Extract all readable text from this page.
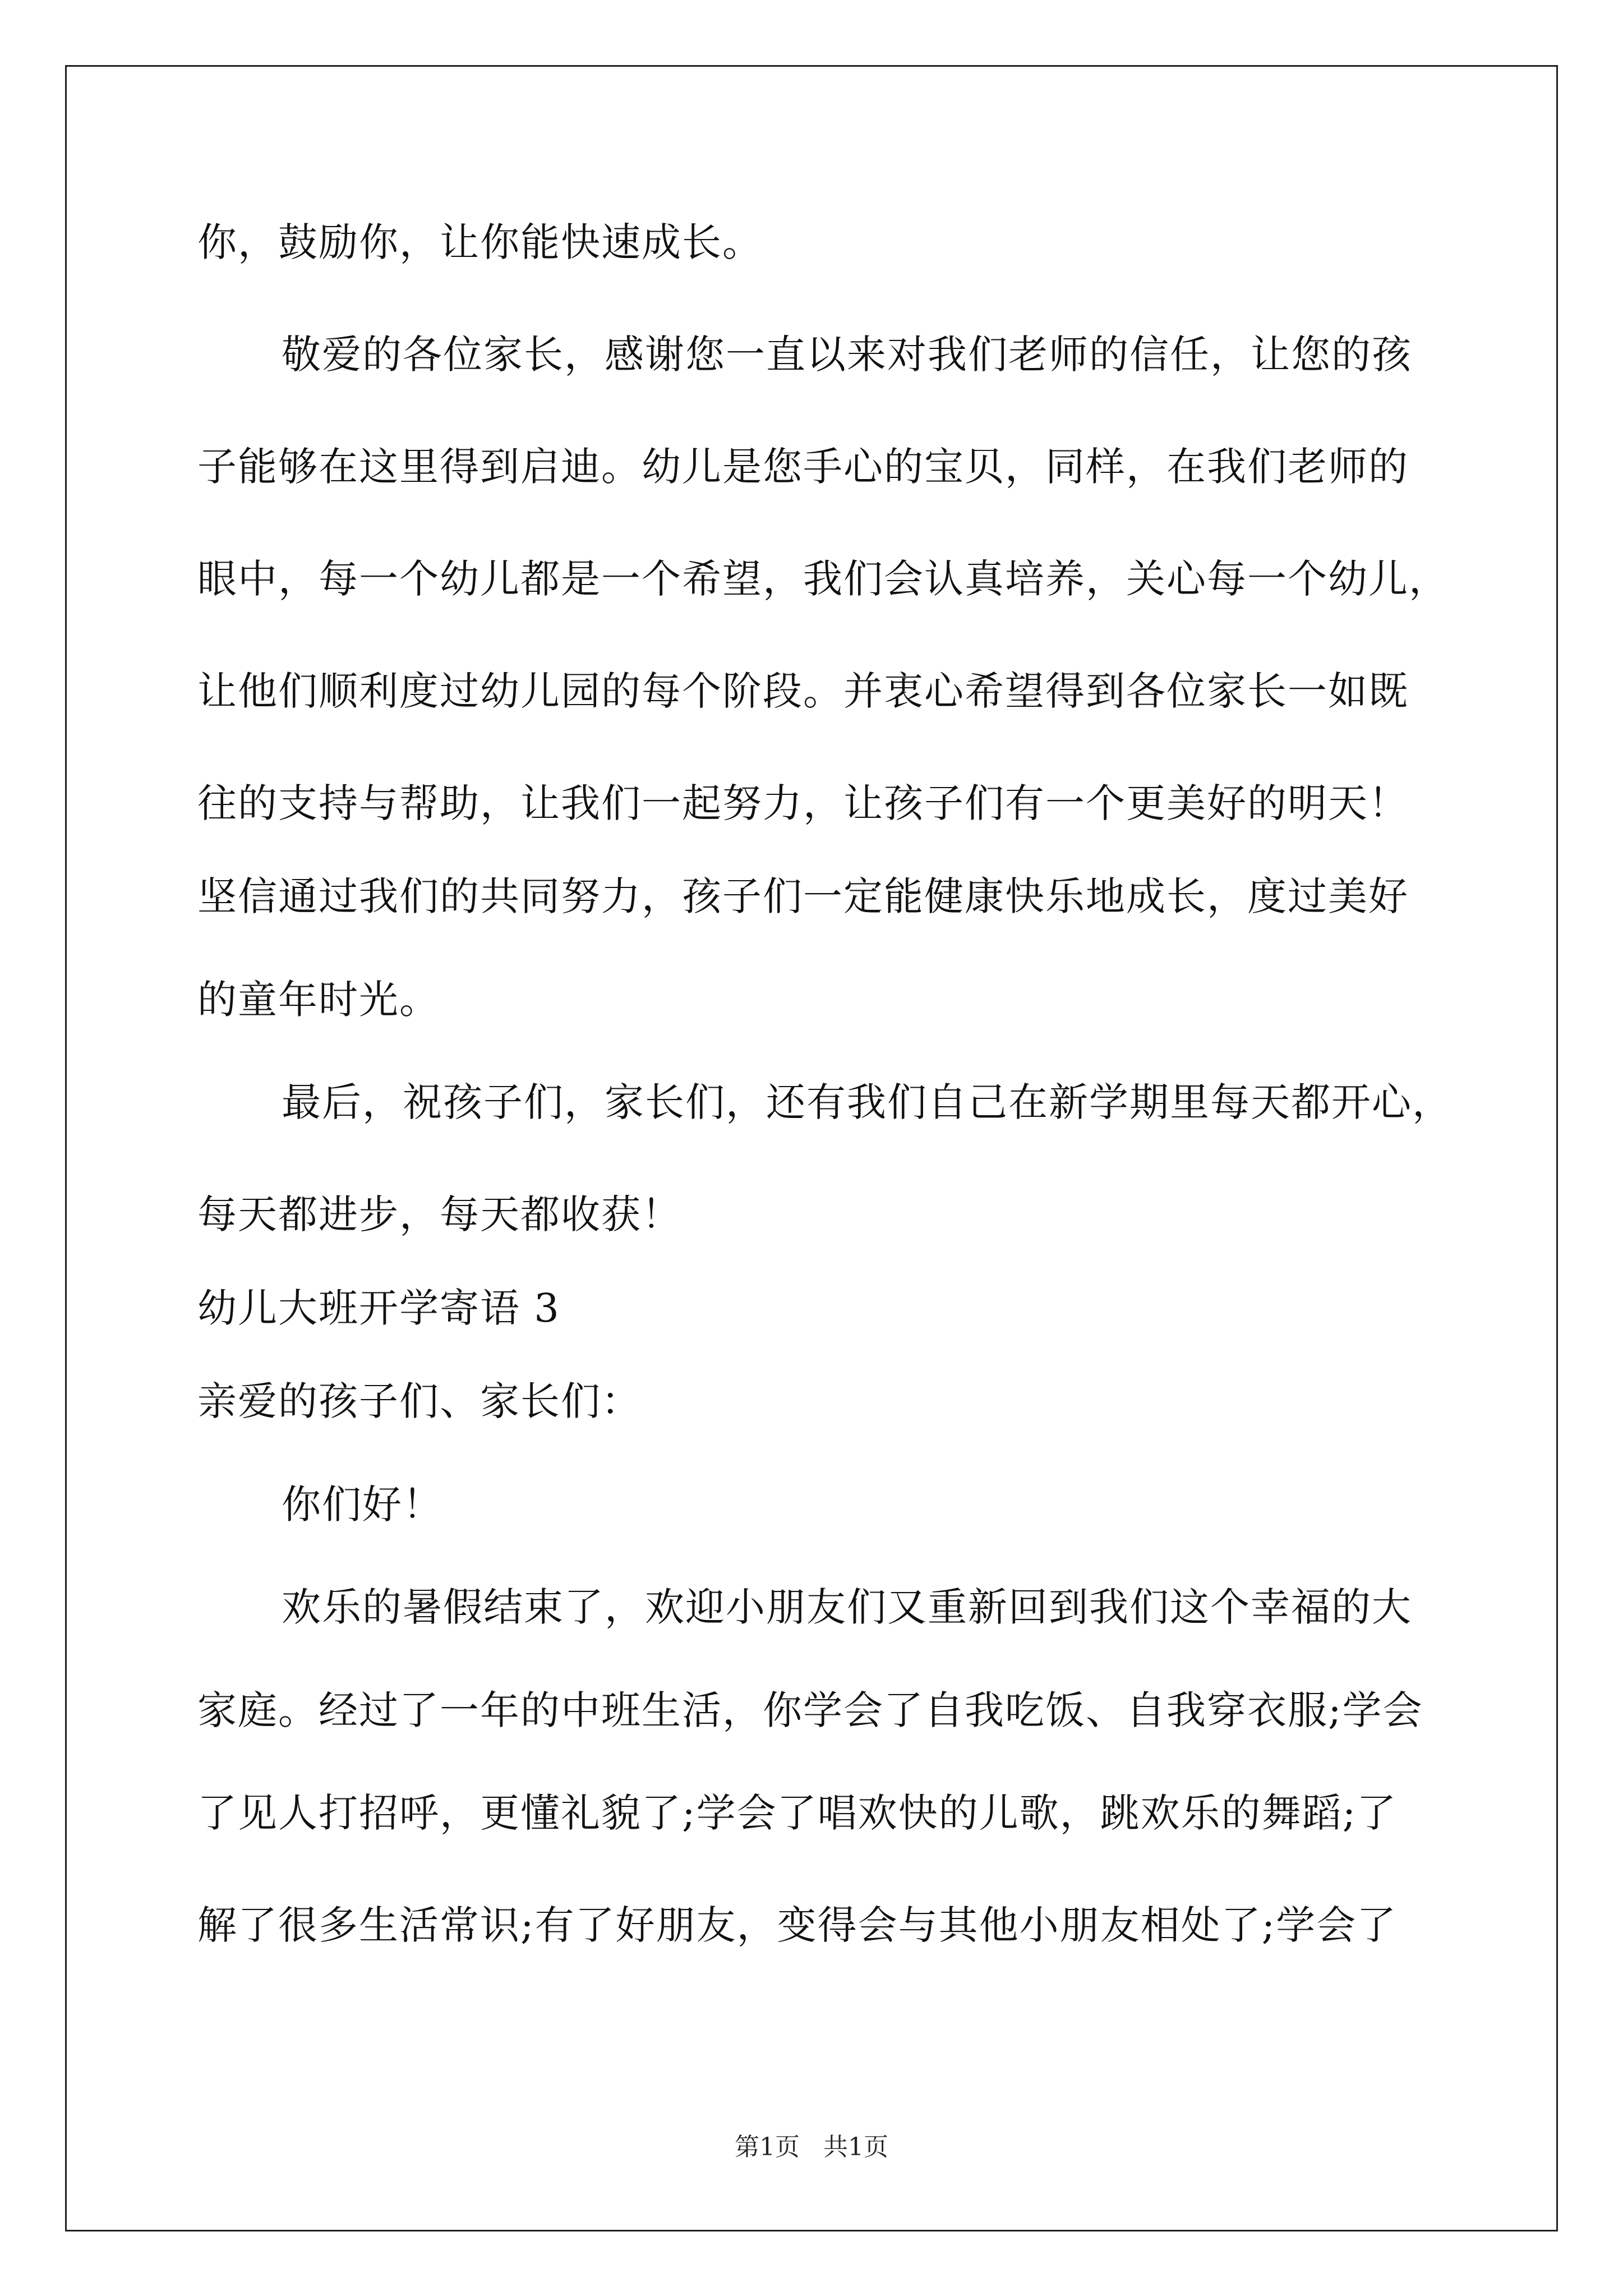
你，鼓励你，让你能快速成长。
敬爱的各位家长，感谢您一直以来对我们老师的信任，让您的孩
子能够在这里得到启迪。幼儿是您手心的宝贝，同样，在我们老师的
眼中，每一个幼儿都是一个希望，我们会认真培养，关心每一个幼儿，
让他们顺利度过幼儿园的每个阶段。并衷心希望得到各位家长一如既
往的支持与帮助，让我们一起努力，让孩子们有一个更美好的明天！
坚信通过我们的共同努力，孩子们一定能健康快乐地成长，度过美好
的童年时光。
最后，祝孩子们，家长们，还有我们自己在新学期里每天都开心，
每天都进步，每天都收获！
幼儿大班开学寄语 3
亲爱的孩子们、家长们：
你们好！
欢乐的暑假结束了，欢迎小朋友们又重新回到我们这个幸福的大
家庭。经过了一年的中班生活，你学会了自我吃饭、自我穿衣服;学会
了见人打招呼，更懂礼貌了;学会了唱欢快的儿歌，跳欢乐的舞蹈;了
解了很多生活常识;有了好朋友，变得会与其他小朋友相处了;学会了
第1页 共1页
